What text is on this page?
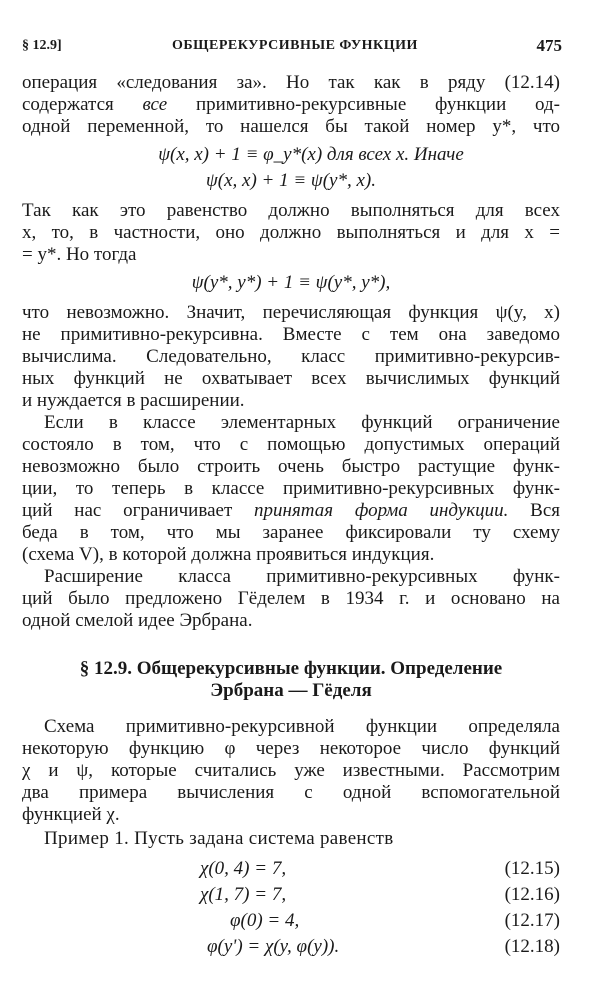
§ 12.9]	ОБЩЕРЕКУРСИВНЫЕ ФУНКЦИИ	475
операция «следования за». Но так как в ряду (12.14)
содержатся все примитивно-рекурсивные функции од-
одной переменной, то нашелся бы такой номер y*, что
ψ(x, x) + 1 ≡ φ_y*(x) для всех x. Иначе
ψ(x, x) + 1 ≡ ψ(y*, x).
Так как это равенство должно выполняться для всех
x, то, в частности, оно должно выполняться и для x =
= y*. Но тогда
ψ(y*, y*) + 1 ≡ ψ(y*, y*),
что невозможно. Значит, перечисляющая функция ψ(y, x)
не примитивно-рекурсивна. Вместе с тем она заведомо
вычислима. Следовательно, класс примитивно-рекурсив-
ных функций не охватывает всех вычислимых функций
и нуждается в расширении.
Если в классе элементарных функций ограничение
состояло в том, что с помощью допустимых операций
невозможно было строить очень быстро растущие функ-
ции, то теперь в классе примитивно-рекурсивных функ-
ций нас ограничивает принятая форма индукции. Вся
беда в том, что мы заранее фиксировали ту схему
(схема V), в которой должна проявиться индукция.
Расширение класса примитивно-рекурсивных функ-
ций было предложено Гёделем в 1934 г. и основано на
одной смелой идее Эрбрана.
§ 12.9. Общерекурсивные функции. Определение
Эрбрана — Гёделя
Схема примитивно-рекурсивной функции определяла
некоторую функцию φ через некоторое число функций
χ и ψ, которые считались уже известными. Рассмотрим
два примера вычисления с одной вспомогательной
функцией χ.
Пример 1. Пусть задана система равенств
χ(0, 4) = 7,	(12.15)
χ(1, 7) = 7,	(12.16)
φ(0) = 4,	(12.17)
φ(y') = χ(y, φ(y)).	(12.18)
